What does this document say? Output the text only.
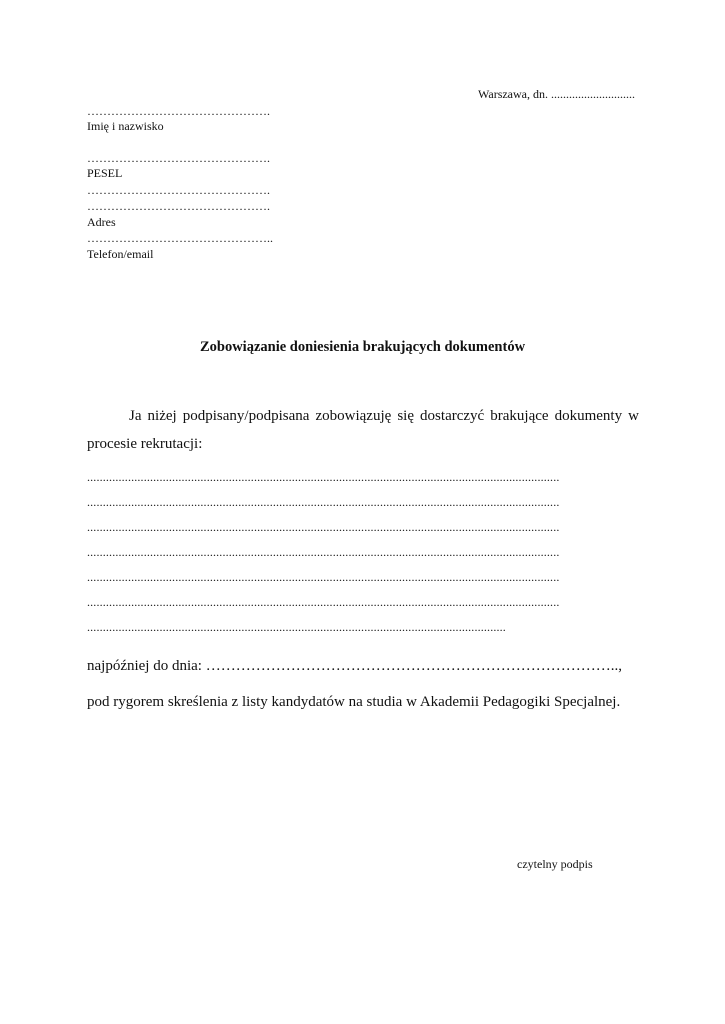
Warszawa, dn. ............................
……………………………………….
Imię i nazwisko
……………………………………….
PESEL
……………………………………….
……………………………………….
Adres
………………………………………..
Telefon/email
Zobowiązanie doniesienia brakujących dokumentów
Ja niżej podpisany/podpisana zobowiązuję się dostarczyć brakujące dokumenty w procesie rekrutacji:
......................................................................................................................................................
......................................................................................................................................................
......................................................................................................................................................
......................................................................................................................................................
......................................................................................................................................................
......................................................................................................................................................
.....................................................................................................................................
najpóźniej do dnia: ………………………………………………………………………..,
pod rygorem skreślenia z listy kandydatów na studia w Akademii Pedagogiki Specjalnej.
czytelny podpis
